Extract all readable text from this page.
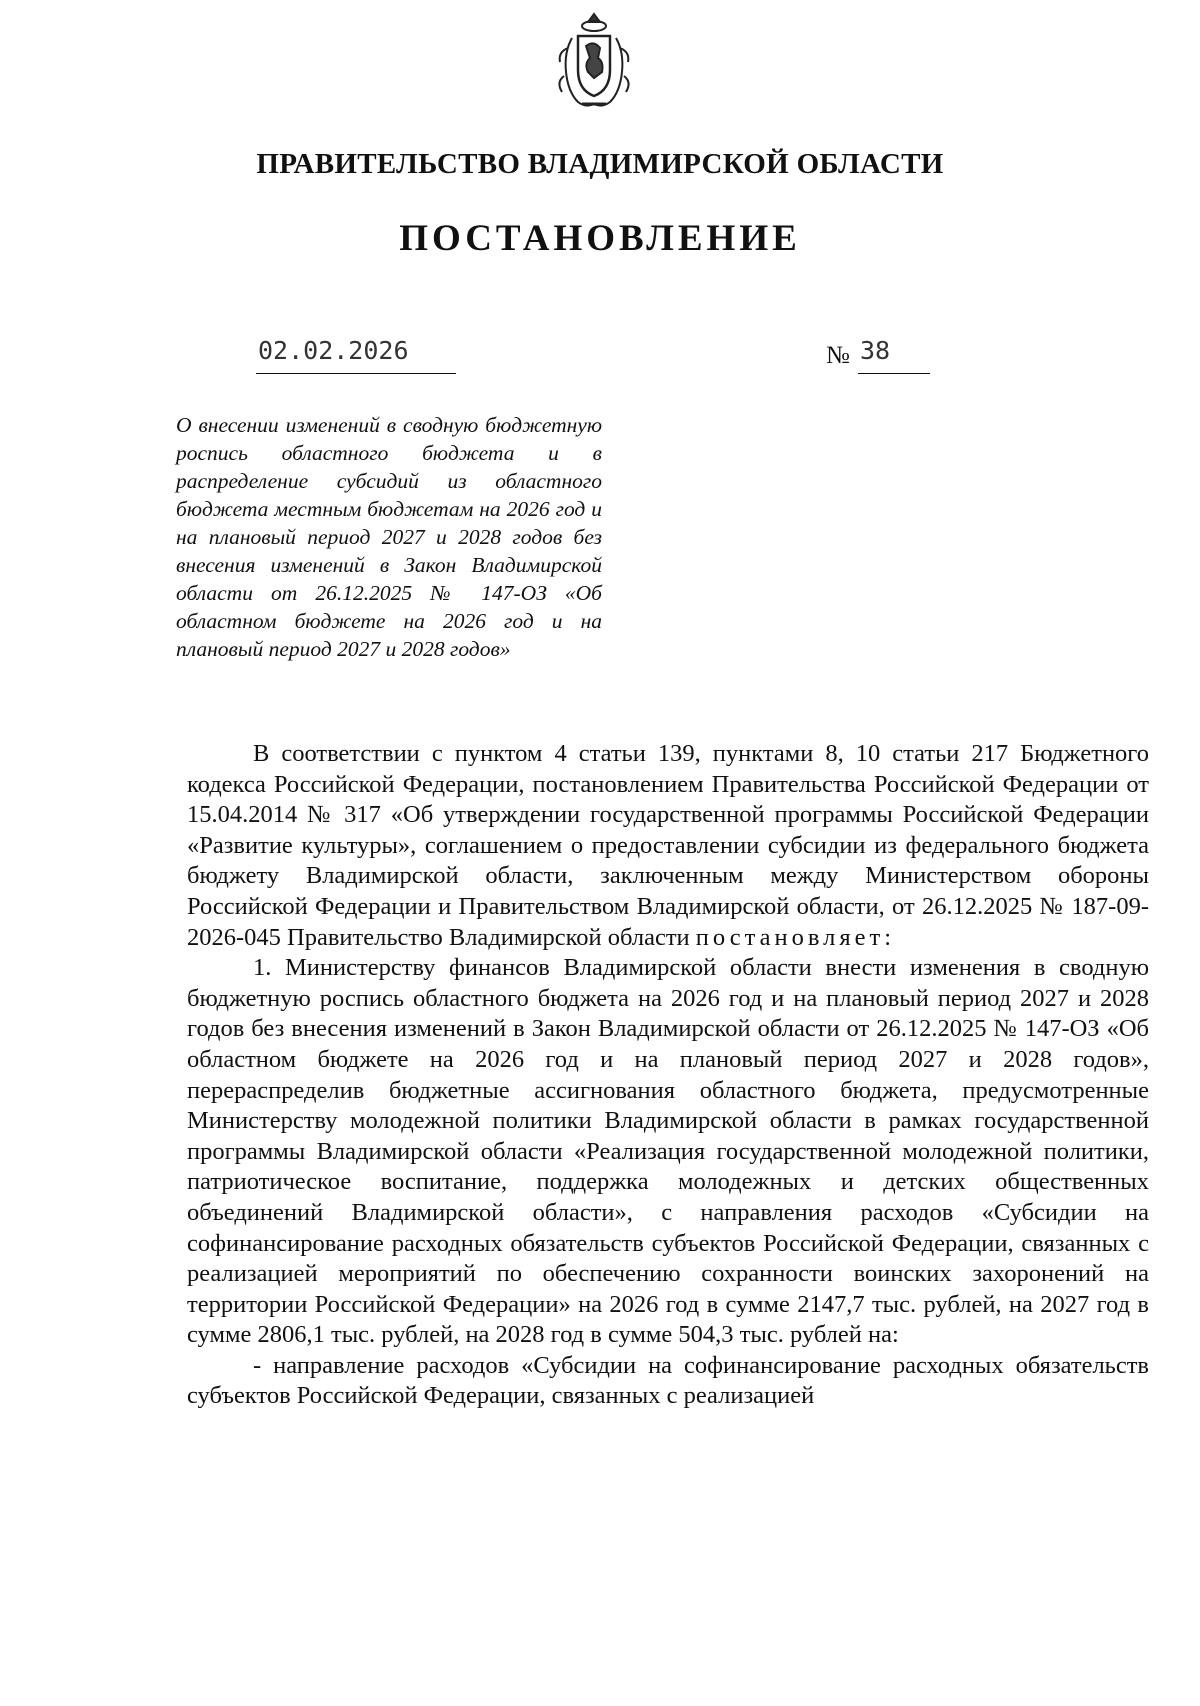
ПРАВИТЕЛЬСТВО ВЛАДИМИРСКОЙ ОБЛАСТИ
ПОСТАНОВЛЕНИЕ
02.02.2026	№ 38

О внесении изменений в сводную бюджетную роспись областного бюджета и в распределение субсидий из областного бюджета местным бюджетам на 2026 год и на плановый период 2027 и 2028 годов без внесения изменений в Закон Владимирской области от 26.12.2025 № 147-ОЗ «Об областном бюджете на 2026 год и на плановый период 2027 и 2028 годов»

В соответствии с пунктом 4 статьи 139, пунктами 8, 10 статьи 217 Бюджетного кодекса Российской Федерации, постановлением Правительства Российской Федерации от 15.04.2014 № 317 «Об утверждении государственной программы Российской Федерации «Развитие культуры», соглашением о предоставлении субсидии из федерального бюджета бюджету Владимирской области, заключенным между Министерством обороны Российской Федерации и Правительством Владимирской области, от 26.12.2025 № 187-09-2026-045 Правительство Владимирской области постановляет:

1. Министерству финансов Владимирской области внести изменения в сводную бюджетную роспись областного бюджета на 2026 год и на плановый период 2027 и 2028 годов без внесения изменений в Закон Владимирской области от 26.12.2025 № 147-ОЗ «Об областном бюджете на 2026 год и на плановый период 2027 и 2028 годов», перераспределив бюджетные ассигнования областного бюджета, предусмотренные Министерству молодежной политики Владимирской области в рамках государственной программы Владимирской области «Реализация государственной молодежной политики, патриотическое воспитание, поддержка молодежных и детских общественных объединений Владимирской области», с направления расходов «Субсидии на софинансирование расходных обязательств субъектов Российской Федерации, связанных с реализацией мероприятий по обеспечению сохранности воинских захоронений на территории Российской Федерации» на 2026 год в сумме 2147,7 тыс. рублей, на 2027 год в сумме 2806,1 тыс. рублей, на 2028 год в сумме 504,3 тыс. рублей на:

- направление расходов «Субсидии на софинансирование расходных обязательств субъектов Российской Федерации, связанных с реализацией
